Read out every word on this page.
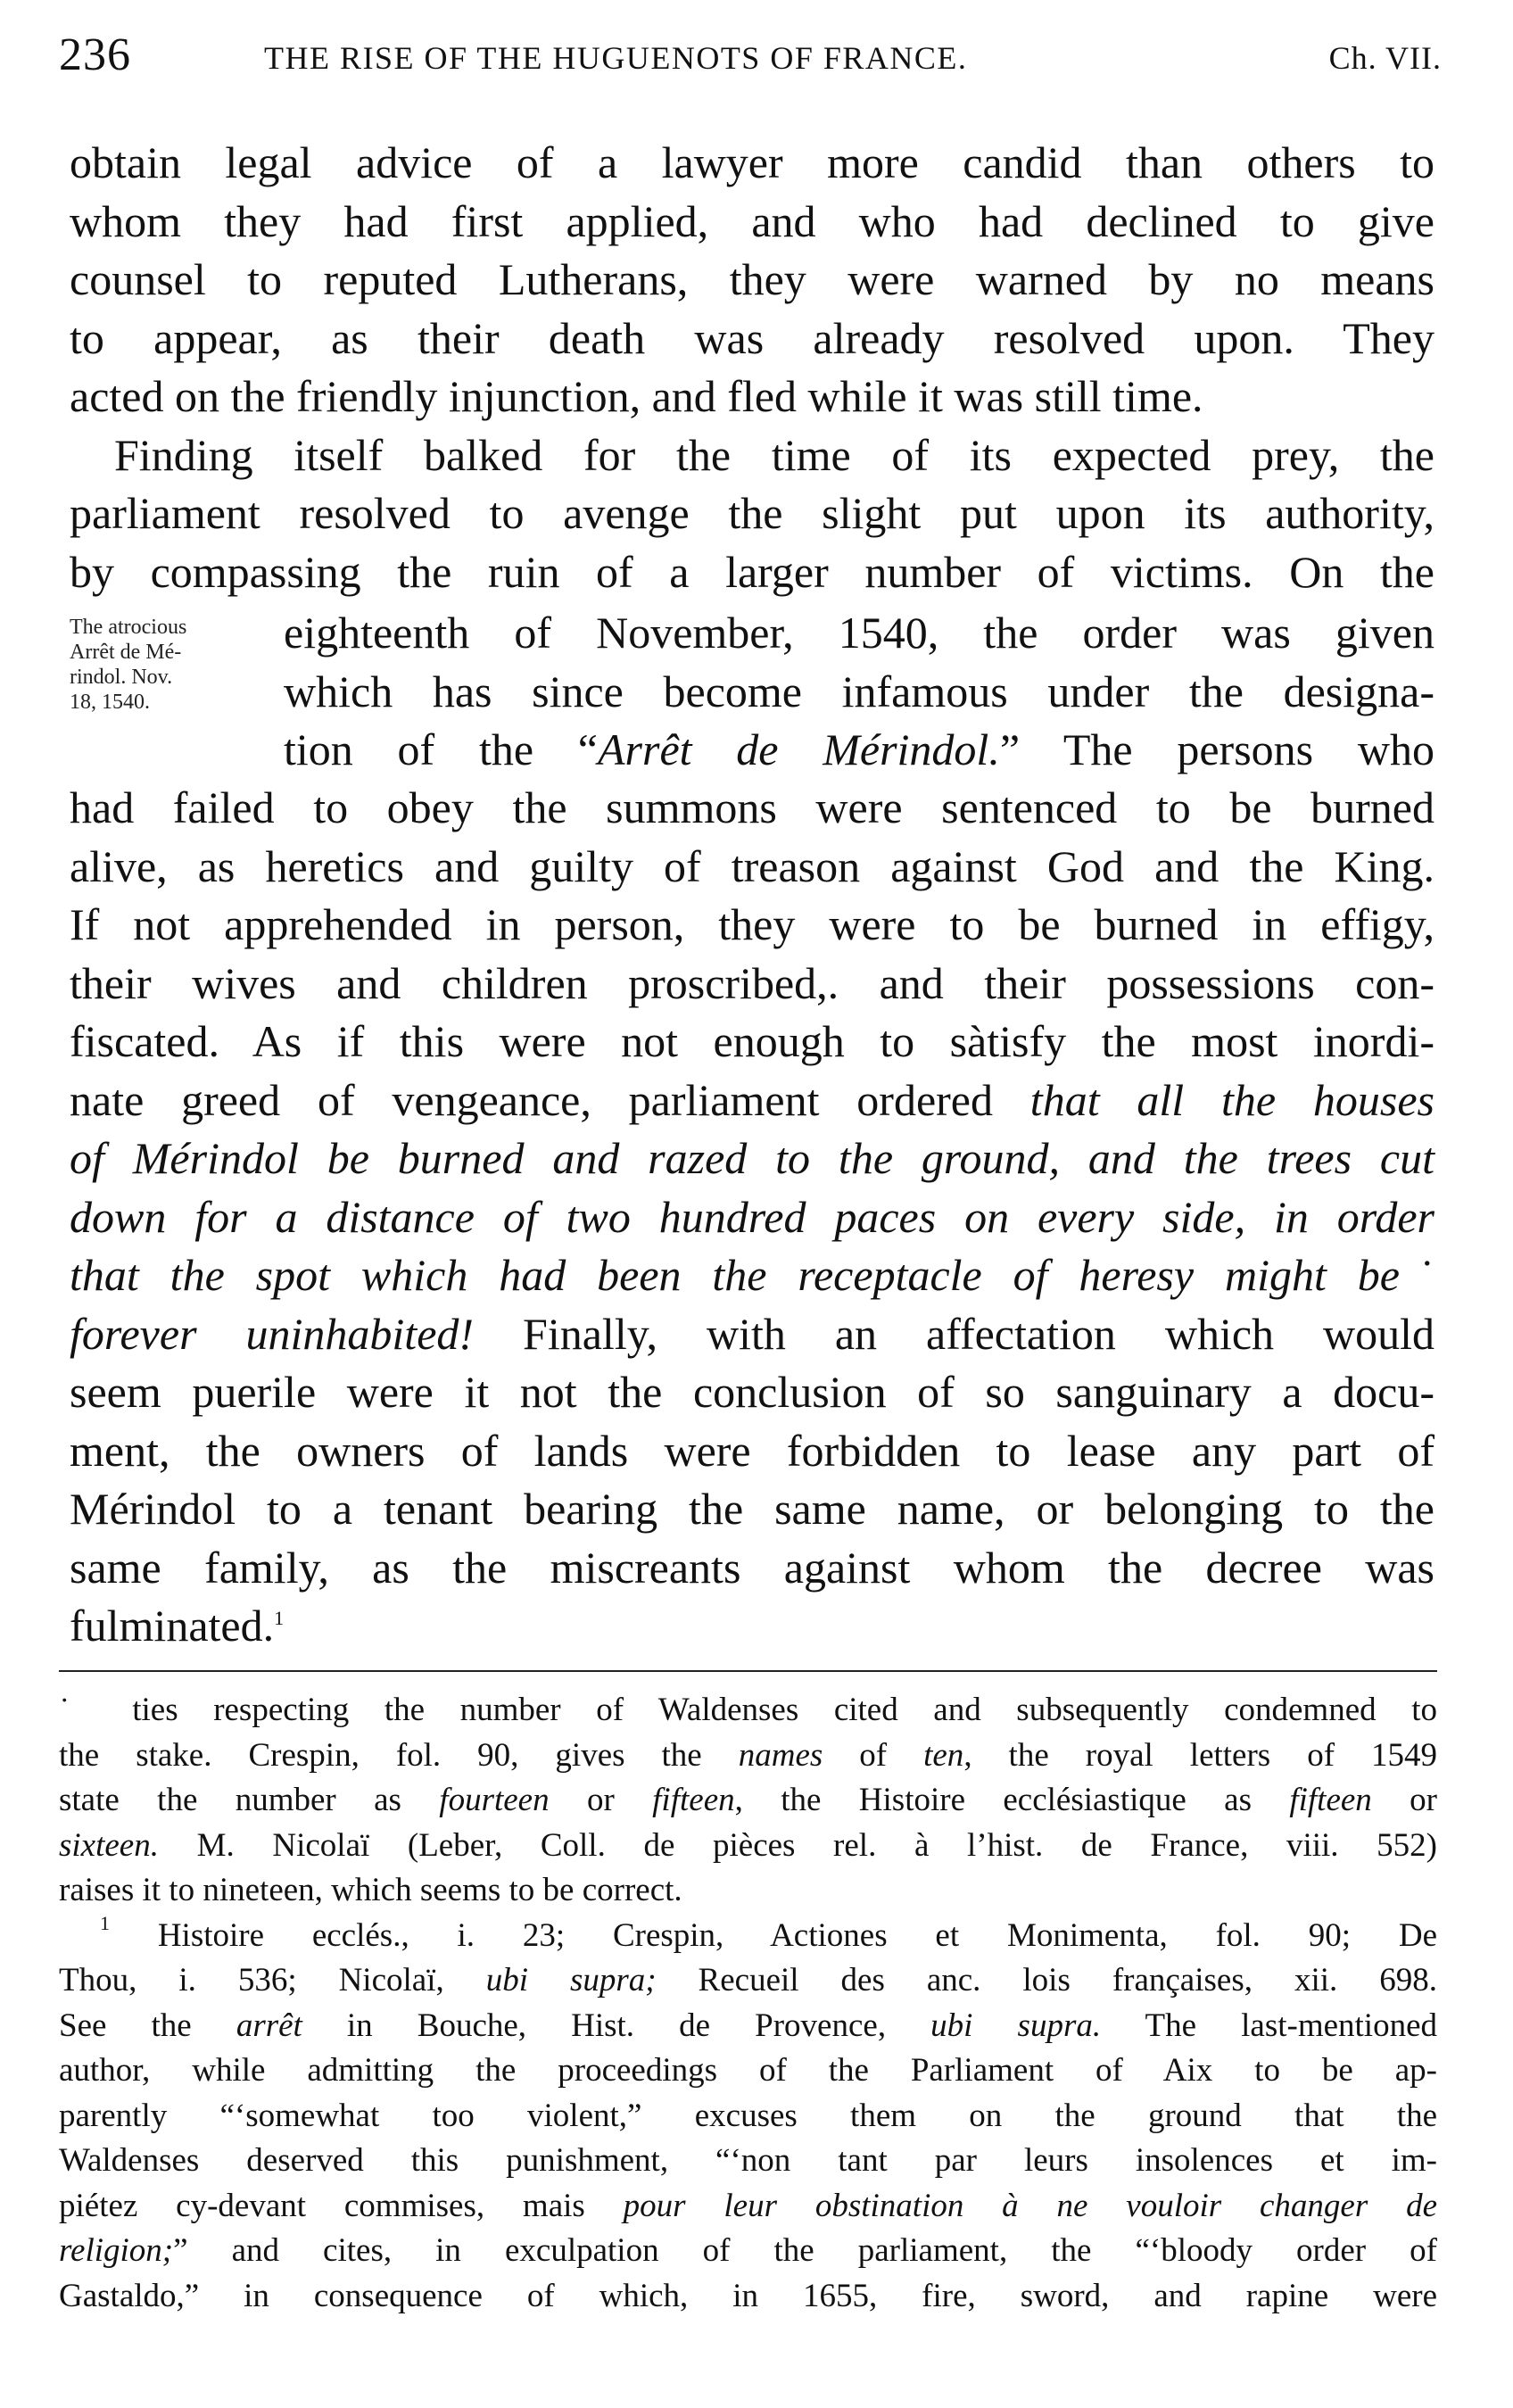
236	THE RISE OF THE HUGUENOTS OF FRANCE.	Ch. VII.
obtain legal advice of a lawyer more candid than others to
whom they had first applied, and who had declined to give
counsel to reputed Lutherans, they were warned by no means
to appear, as their death was already resolved upon. They
acted on the friendly injunction, and fled while it was still time.
Finding itself balked for the time of its expected prey, the
parliament resolved to avenge the slight put upon its authority,
by compassing the ruin of a larger number of victims. On the
The atrocious
Arrêt de Mé-
rindol. Nov.
18, 1540.
eighteenth of November, 1540, the order was given
which has since become infamous under the designa-
tion of the “Arrêt de Mérindol.” The persons who
had failed to obey the summons were sentenced to be burned
alive, as heretics and guilty of treason against God and the King.
If not apprehended in person, they were to be burned in effigy,
their wives and children proscribed,. and their possessions con-
fiscated. As if this were not enough to sàtisfy the most inordi-
nate greed of vengeance, parliament ordered that all the houses
of Mérindol be burned and razed to the ground, and the trees cut
down for a distance of two hundred paces on every side, in order
that the spot which had been the receptacle of heresy might be˙
forever uninhabited! Finally, with an affectation which would
seem puerile were it not the conclusion of so sanguinary a docu-
ment, the owners of lands were forbidden to lease any part of
Mérindol to a tenant bearing the same name, or belonging to the
same family, as the miscreants against whom the decree was
fulminated.$^1$
˙ ties respecting the number of Waldenses cited and subsequently condemned to
the stake. Crespin, fol. 90, gives the names of ten, the royal letters of 1549
state the number as fourteen or fifteen, the Histoire ecclésiastique as fifteen or
sixteen. M. Nicolaï (Leber, Coll. de pièces rel. à l’hist. de France, viii. 552)
raises it to nineteen, which seems to be correct.
$^1$ Histoire ecclés., i. 23; Crespin, Actiones et Monimenta, fol. 90; De
Thou, i. 536; Nicolaï, ubi supra; Recueil des anc. lois françaises, xii. 698.
See the arrêt in Bouche, Hist. de Provence, ubi supra. The last-mentioned
author, while admitting the proceedings of the Parliament of Aix to be ap-
parently “‘somewhat too violent,” excuses them on the ground that the
Waldenses deserved this punishment, “‘non tant par leurs insolences et im-
piétez cy-devant commises, mais pour leur obstination à ne vouloir changer de
religion;” and cites, in exculpation of the parliament, the “‘bloody order of
Gastaldo,” in consequence of which, in 1655, fire, sword, and rapine were
